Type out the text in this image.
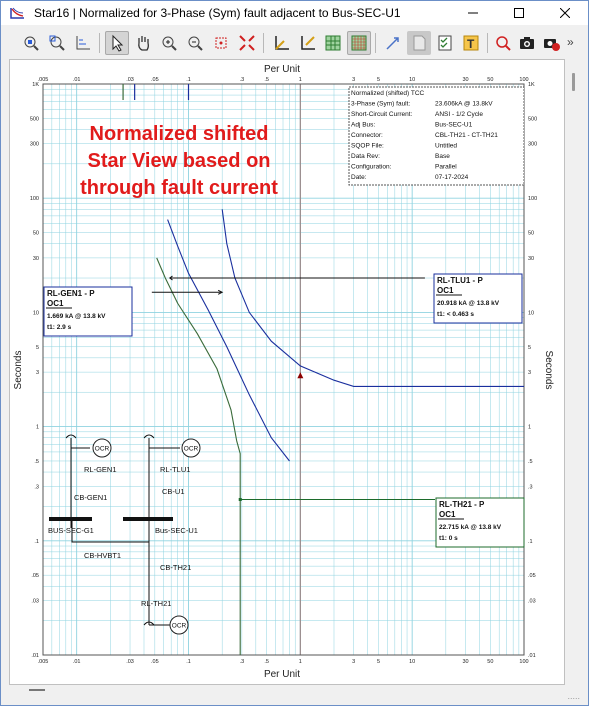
Star16 | Normalized for 3-Phase (Sym) fault adjacent to Bus-SEC-U1
T	»
.005
.005
.01
.01
.03
.03
.05
.05
.1
.1
.3
.3
.5
.5
1
1
3
3
5
5
10
10
30
30
50
50
100
100
1K	1K
500	500
300	300
100	100
50	50
30	30
10	10
5	5
3	3
1	1
.5	.5
.3	.3
.1	.1
.05	.05
.03	.03
.01	.01
OCR
RL-GEN1
CB-GEN1
OCR
RL-TLU1
CB-U1
BUS-SEC-G1	Bus-SEC-U1
CB-HVBT1
CB-TH21
RL-TH21
OCR
RL-GEN1 - P
OC1
1.669 kA @ 13.8 kV
t1: 2.9 s
RL-TLU1 - P
OC1
20.918 kA @ 13.8 kV
t1: < 0.463 s
RL-TH21 - P
OC1
22.715 kA @ 13.8 kV
t1: 0 s
Normalized (shifted) TCC
3-Phase (Sym) fault:	23.606kA @ 13.8kV
Short-Circuit Current:	ANSI - 1/2 Cycle
Adj Bus:	Bus-SEC-U1
Connector:	CBL-TH21 - CT-TH21
SQOP File:	Untitled
Data Rev:	Base
Configuration:	Parallel
Date:	07-17-2024
Normalized shifted
Star View based on
through fault current
Per Unit
Per Unit
Seconds	Seconds
.....
